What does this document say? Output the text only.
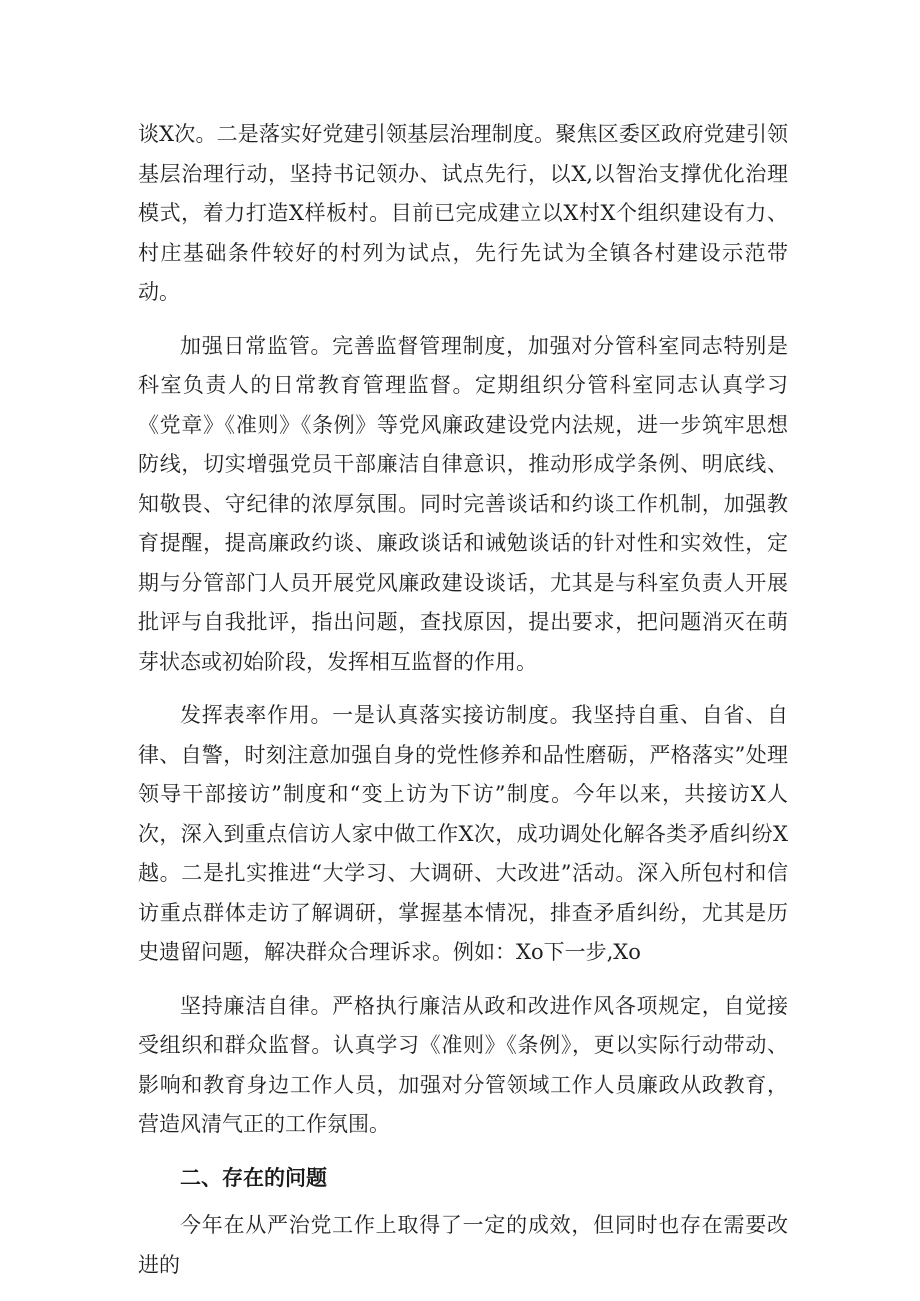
谈X次。二是落实好党建引领基层治理制度。聚焦区委区政府党建引领基层治理行动，坚持书记领办、试点先行，以X,以智治支撑优化治理模式，着力打造X样板村。目前已完成建立以X村X个组织建设有力、村庄基础条件较好的村列为试点，先行先试为全镇各村建设示范带动。

加强日常监管。完善监督管理制度，加强对分管科室同志特别是科室负责人的日常教育管理监督。定期组织分管科室同志认真学习《党章》《准则》《条例》等党风廉政建设党内法规，进一步筑牢思想防线，切实增强党员干部廉洁自律意识，推动形成学条例、明底线、知敬畏、守纪律的浓厚氛围。同时完善谈话和约谈工作机制，加强教育提醒，提高廉政约谈、廉政谈话和诫勉谈话的针对性和实效性，定期与分管部门人员开展党风廉政建设谈话，尤其是与科室负责人开展批评与自我批评，指出问题，查找原因，提出要求，把问题消灭在萌芽状态或初始阶段，发挥相互监督的作用。

发挥表率作用。一是认真落实接访制度。我坚持自重、自省、自律、自警，时刻注意加强自身的党性修养和品性磨砺，严格落实”处理领导干部接访”制度和“变上访为下访”制度。今年以来，共接访X人次，深入到重点信访人家中做工作X次，成功调处化解各类矛盾纠纷X越。二是扎实推进“大学习、大调研、大改进”活动。深入所包村和信访重点群体走访了解调研，掌握基本情况，排查矛盾纠纷，尤其是历史遗留问题，解决群众合理诉求。例如：Xo下一步,Xo

坚持廉洁自律。严格执行廉洁从政和改进作风各项规定，自觉接受组织和群众监督。认真学习《准则》《条例》，更以实际行动带动、影响和教育身边工作人员，加强对分管领域工作人员廉政从政教育，营造风清气正的工作氛围。

二、存在的问题

今年在从严治党工作上取得了一定的成效，但同时也存在需要改进的
